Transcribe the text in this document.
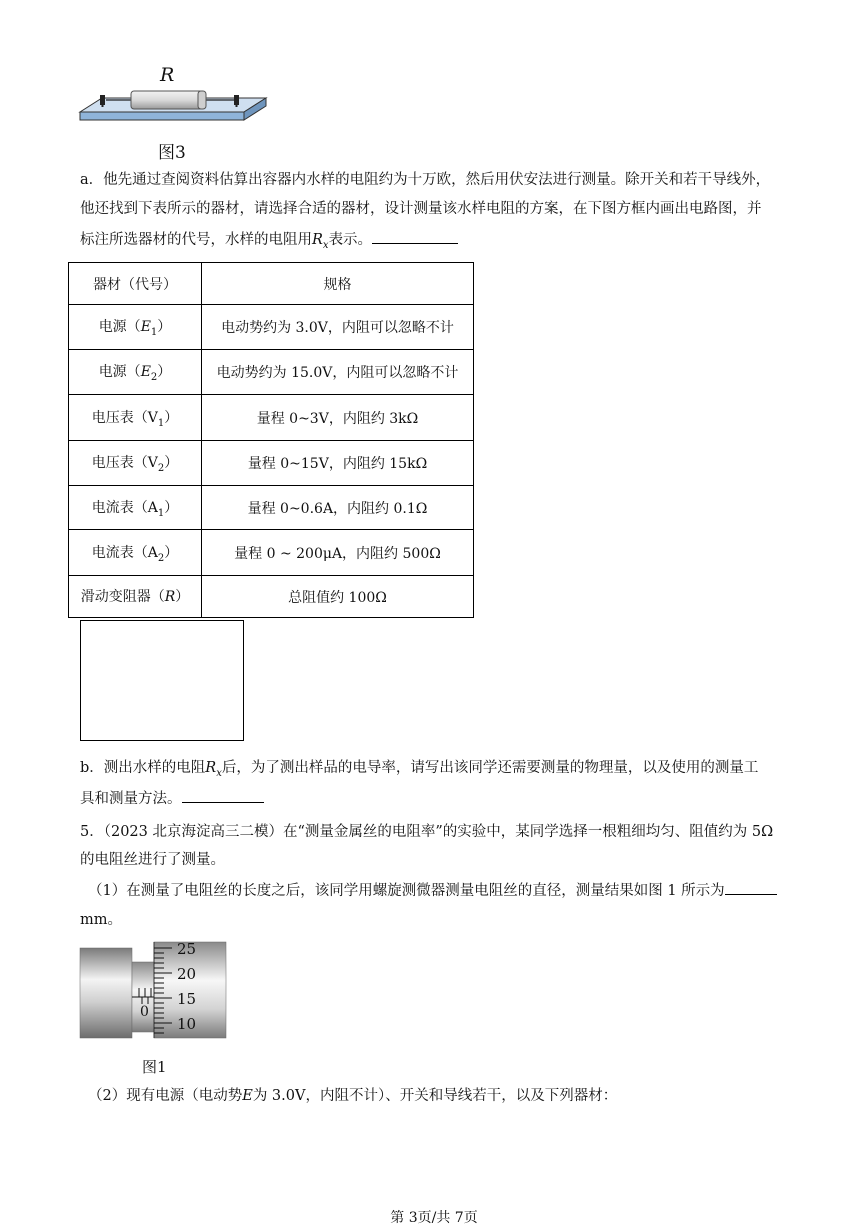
R
图3
a．他先通过查阅资料估算出容器内水样的电阻约为十万欧，然后用伏安法进行测量。除开关和若干导线外，
他还找到下表所示的器材，请选择合适的器材，设计测量该水样电阻的方案，在下图方框内画出电路图，并
标注所选器材的代号，水样的电阻用$R_x$表示。
器材（代号）	规格
电源$(E_1)$	电动势约为 3.0V，内阻可以忽略不计
电源$(E_2)$	电动势约为 15.0V，内阻可以忽略不计
电压表$(V_1)$	量程 0~3V，内阻约 3kΩ
电压表$(V_2)$	量程 0~15V，内阻约 15kΩ
电流表$(A_1)$	量程 0~0.6A，内阻约 0.1Ω
电流表$(A_2)$	量程 0 ~ 200μA，内阻约 500Ω
滑动变阻器（R）	总阻值约 100Ω
b．测出水样的电阻$R_x$后，为了测出样品的电导率，请写出该同学还需要测量的物理量，以及使用的测量工
具和测量方法。
5．（2023 北京海淀高三二模）在“测量金属丝的电阻率”的实验中，某同学选择一根粗细均匀、阻值约为 5Ω
的电阻丝进行了测量。
（1）在测量了电阻丝的长度之后，该同学用螺旋测微器测量电阻丝的直径，测量结果如图 1 所示为
mm。
25
20
15
10
0
图1
（2）现有电源（电动势E为 3.0V，内阻不计）、开关和导线若干，以及下列器材：
第 3页/共 7页
